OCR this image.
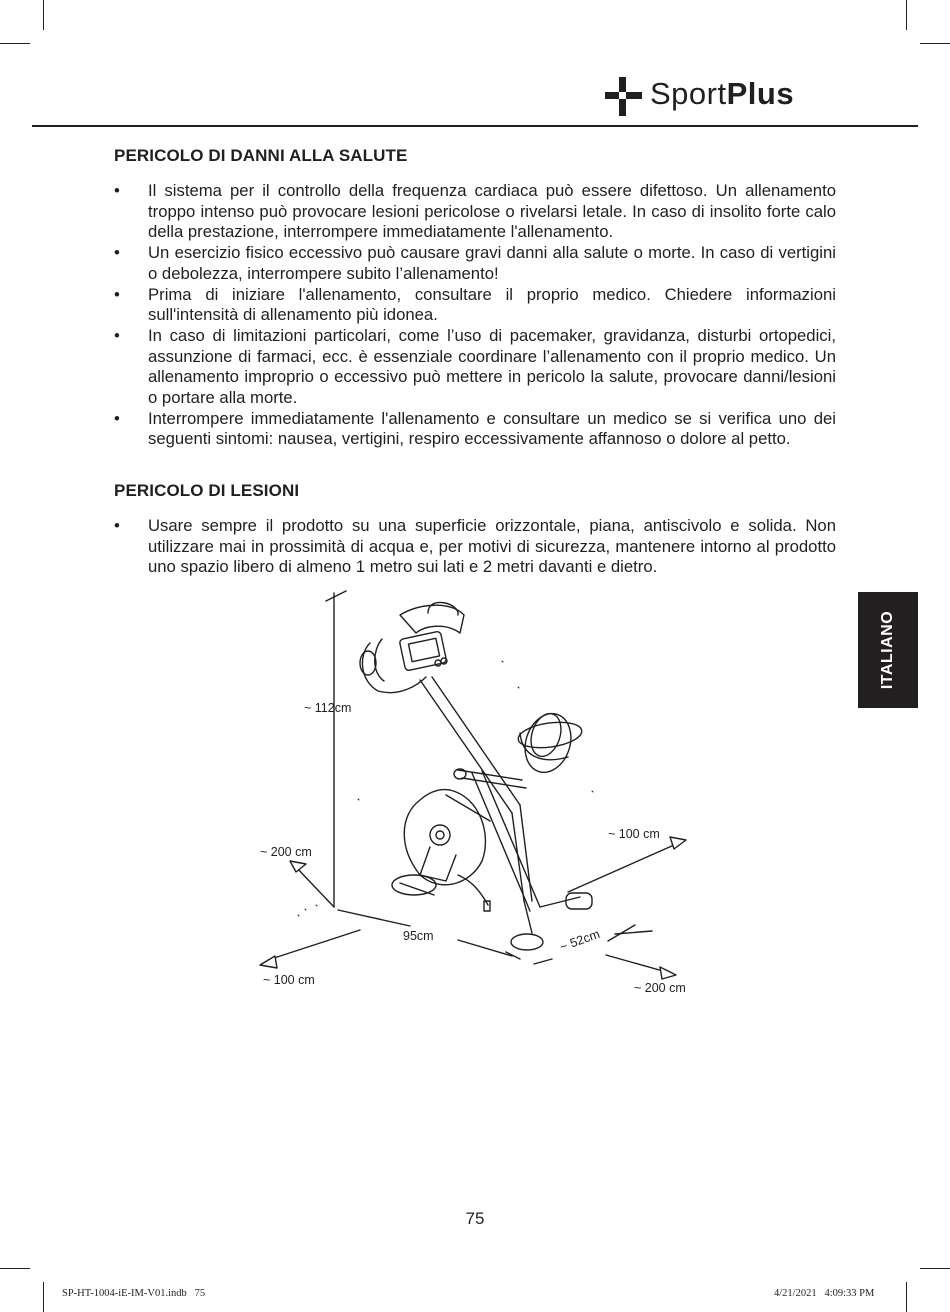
SportPlus
PERICOLO DI DANNI ALLA SALUTE
• Il sistema per il controllo della frequenza cardiaca può essere difettoso. Un allenamento troppo intenso può provocare lesioni pericolose o rivelarsi letale. In caso di insolito forte calo della prestazione, interrompere immediatamente l'allenamento.
• Un esercizio fisico eccessivo può causare gravi danni alla salute o morte. In caso di vertigini o debolezza, interrompere subito l’allenamento!
• Prima di iniziare l'allenamento, consultare il proprio medico. Chiedere informazioni sull'intensità di allenamento più idonea.
• In caso di limitazioni particolari, come l’uso di pacemaker, gravidanza, disturbi ortopedici, assunzione di farmaci, ecc. è essenziale coordinare l’allenamento con il proprio medico. Un allenamento improprio o eccessivo può mettere in pericolo la salute, provocare danni/lesioni o portare alla morte.
• Interrompere immediatamente l'allenamento e consultare un medico se si verifica uno dei seguenti sintomi: nausea, vertigini, respiro eccessivamente affannoso o dolore al petto.
PERICOLO DI LESIONI
• Usare sempre il prodotto su una superficie orizzontale, piana, antiscivolo e solida. Non utilizzare mai in prossimità di acqua e, per motivi di sicurezza, mantenere intorno al prodotto uno spazio libero di almeno 1 metro sui lati e 2 metri davanti e dietro.
ITALIANO
~ 112cm
~ 200 cm
~ 100 cm
95cm	~ 52cm
~ 100 cm
~ 200 cm
75
SP-HT-1004-iE-IM-V01.indb   75	4/21/2021   4:09:33 PM
